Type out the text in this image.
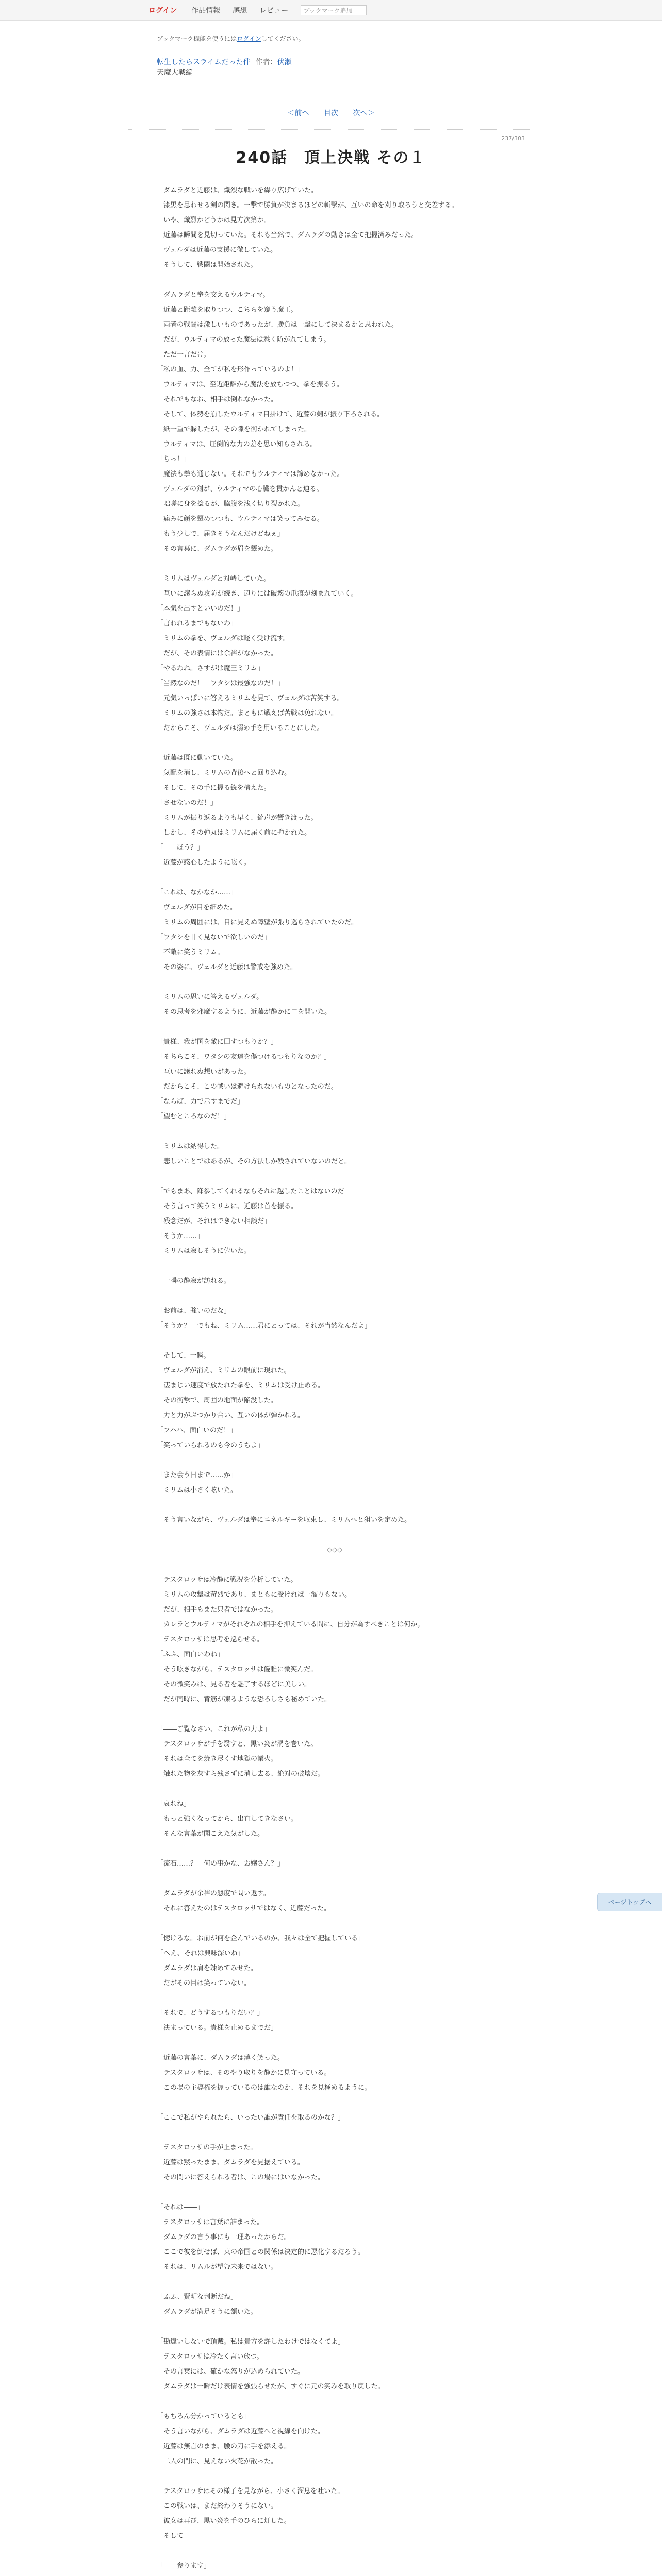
ログイン 作品情報 感想 レビュー	ブックマーク追加
ブックマーク機能を使うにはログインしてください。
転生したらスライムだった件 作者：伏瀬
天魔大戦編
＜前へ 目次 次へ＞
237/303
240話　頂上決戦 その１

　ダムラダと近藤は、熾烈な戦いを繰り広げていた。

　漆黒を思わせる剣の閃き。一撃で勝負が決まるほどの斬撃が、互いの命を刈り取ろうと交差する。

　いや、熾烈かどうかは見方次第か。

　近藤は瞬間を見切っていた。それも当然で、ダムラダの動きは全て把握済みだった。

　ヴェルダは近藤の支援に徹していた。

　そうして、戦闘は開始された。

　ダムラダと拳を交えるウルティマ。

　近藤と距離を取りつつ、こちらを窺う魔王。

　両者の戦闘は激しいものであったが、勝負は一撃にして決まるかと思われた。

　だが、ウルティマの放った魔法は悉く防がれてしまう。

　ただ一言だけ。

「私の血、力、全てが私を形作っているのよ！」

　ウルティマは、至近距離から魔法を放ちつつ、拳を振るう。

　それでもなお、相手は倒れなかった。

　そして、体勢を崩したウルティマ目掛けて、近藤の剣が振り下ろされる。

　紙一重で躱したが、その隙を衝かれてしまった。

　ウルティマは、圧倒的な力の差を思い知らされる。

「ちっ！」

　魔法も拳も通じない。それでもウルティマは諦めなかった。

　ヴェルダの剣が、ウルティマの心臓を貫かんと迫る。

　咄嗟に身を捻るが、脇腹を浅く切り裂かれた。

　痛みに顔を顰めつつも、ウルティマは笑ってみせる。

「もう少しで、届きそうなんだけどねぇ」

　その言葉に、ダムラダが眉を顰めた。

　ミリムはヴェルダと対峙していた。

　互いに譲らぬ攻防が続き、辺りには破壊の爪痕が刻まれていく。

「本気を出すといいのだ！」

「言われるまでもないわ」

　ミリムの拳を、ヴェルダは軽く受け流す。

　だが、その表情には余裕がなかった。

「やるわね。さすがは魔王ミリム」

「当然なのだ！　ワタシは最強なのだ！」

　元気いっぱいに答えるミリムを見て、ヴェルダは苦笑する。

　ミリムの強さは本物だ。まともに戦えば苦戦は免れない。

　だからこそ、ヴェルダは搦め手を用いることにした。

　近藤は既に動いていた。

　気配を消し、ミリムの背後へと回り込む。

　そして、その手に握る銃を構えた。

「させないのだ！」

　ミリムが振り返るよりも早く、銃声が響き渡った。

　しかし、その弾丸はミリムに届く前に弾かれた。

「――ほう？」

　近藤が感心したように呟く。

「これは、なかなか……」

　ヴェルダが目を細めた。

　ミリムの周囲には、目に見えぬ障壁が張り巡らされていたのだ。

「ワタシを甘く見ないで欲しいのだ」

　不敵に笑うミリム。

　その姿に、ヴェルダと近藤は警戒を強めた。

　ミリムの思いに答えるヴェルダ。

　その思考を邪魔するように、近藤が静かに口を開いた。

「貴様、我が国を敵に回すつもりか？」

「そちらこそ、ワタシの友達を傷つけるつもりなのか？」

　互いに譲れぬ想いがあった。

　だからこそ、この戦いは避けられないものとなったのだ。

「ならば、力で示すまでだ」

「望むところなのだ！」

　ミリムは納得した。

　悲しいことではあるが、その方法しか残されていないのだと。

「でもまあ、降参してくれるならそれに越したことはないのだ」

　そう言って笑うミリムに、近藤は首を振る。

「残念だが、それはできない相談だ」

「そうか……」

　ミリムは寂しそうに俯いた。

　一瞬の静寂が訪れる。

「お前は、強いのだな」

「そうか？　でもね、ミリム……君にとっては、それが当然なんだよ」

　そして、一瞬。

　ヴェルダが消え、ミリムの眼前に現れた。

　凄まじい速度で放たれた拳を、ミリムは受け止める。

　その衝撃で、周囲の地面が陥没した。

　力と力がぶつかり合い、互いの体が弾かれる。

「フハハ、面白いのだ！」

「笑っていられるのも今のうちよ」

「また会う日まで……か」

　ミリムは小さく呟いた。

　そう言いながら、ヴェルダは拳にエネルギーを収束し、ミリムへと狙いを定めた。

◇◇◇

　テスタロッサは冷静に戦況を分析していた。

　ミリムの攻撃は苛烈であり、まともに受ければ一溜りもない。

　だが、相手もまた只者ではなかった。

　カレラとウルティマがそれぞれの相手を抑えている間に、自分が為すべきことは何か。

　テスタロッサは思考を巡らせる。

「ふふ、面白いわね」

　そう呟きながら、テスタロッサは優雅に微笑んだ。

　その微笑みは、見る者を魅了するほどに美しい。

　だが同時に、背筋が凍るような恐ろしさも秘めていた。

「――ご覧なさい、これが私の力よ」

　テスタロッサが手を翳すと、黒い炎が渦を巻いた。

　それは全てを焼き尽くす地獄の業火。

　触れた物を灰すら残さずに消し去る、絶対の破壊だ。

「哀れね」

　もっと強くなってから、出直してきなさい。

　そんな言葉が聞こえた気がした。

「流石……？　何の事かな、お嬢さん？」

　ダムラダが余裕の態度で問い返す。

　それに答えたのはテスタロッサではなく、近藤だった。

「惚けるな。お前が何を企んでいるのか、我々は全て把握している」

「へえ、それは興味深いね」

　ダムラダは肩を竦めてみせた。

　だがその目は笑っていない。

「それで、どうするつもりだい？」

「決まっている。貴様を止めるまでだ」

　近藤の言葉に、ダムラダは薄く笑った。

　テスタロッサは、そのやり取りを静かに見守っている。

　この場の主導権を握っているのは誰なのか、それを見極めるように。

「ここで私がやられたら、いったい誰が責任を取るのかな？」

　テスタロッサの手が止まった。

　近藤は黙ったまま、ダムラダを見据えている。

　その問いに答えられる者は、この場にはいなかった。

「それは――」

　テスタロッサは言葉に詰まった。

　ダムラダの言う事にも一理あったからだ。

　ここで彼を倒せば、東の帝国との関係は決定的に悪化するだろう。

　それは、リムルが望む未来ではない。

「ふふ、賢明な判断だね」

　ダムラダが満足そうに頷いた。

「勘違いしないで頂戴。私は貴方を許したわけではなくてよ」

　テスタロッサは冷たく言い放つ。

　その言葉には、確かな怒りが込められていた。

　ダムラダは一瞬だけ表情を強張らせたが、すぐに元の笑みを取り戻した。

「もちろん分かっているとも」

　そう言いながら、ダムラダは近藤へと視線を向けた。

　近藤は無言のまま、腰の刀に手を添える。

　二人の間に、見えない火花が散った。

　テスタロッサはその様子を見ながら、小さく溜息を吐いた。

　この戦いは、まだ終わりそうにない。

　彼女は再び、黒い炎を手のひらに灯した。

　そして――

「――参ります」

ページトップへ
